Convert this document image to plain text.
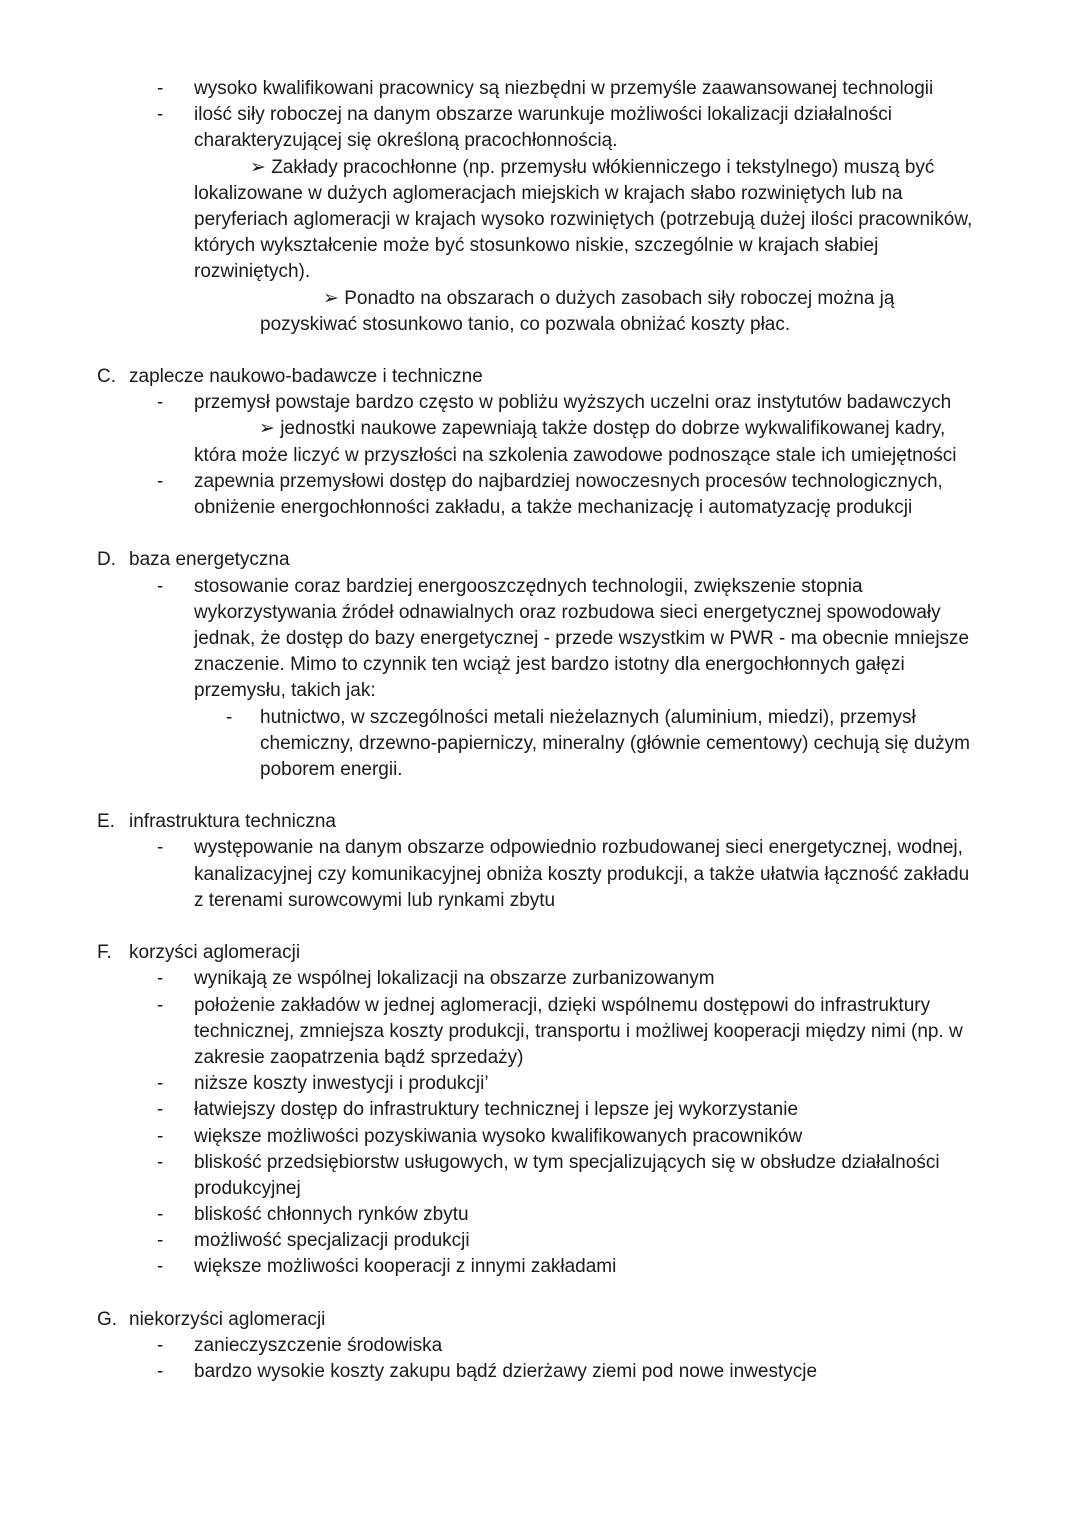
- wysoko kwalifikowani pracownicy są niezbędni w przemyśle zaawansowanej technologii
- ilość siły roboczej na danym obszarze warunkuje możliwości lokalizacji działalności
charakteryzującej się określoną pracochłonnością.
➢ Zakłady pracochłonne (np. przemysłu włókienniczego i tekstylnego) muszą być
lokalizowane w dużych aglomeracjach miejskich w krajach słabo rozwiniętych lub na
peryferiach aglomeracji w krajach wysoko rozwiniętych (potrzebują dużej ilości pracowników,
których wykształcenie może być stosunkowo niskie, szczególnie w krajach słabiej
rozwiniętych).
➢ Ponadto na obszarach o dużych zasobach siły roboczej można ją
pozyskiwać stosunkowo tanio, co pozwala obniżać koszty płac.
C. zaplecze naukowo-badawcze i techniczne
- przemysł powstaje bardzo często w pobliżu wyższych uczelni oraz instytutów badawczych
➢ jednostki naukowe zapewniają także dostęp do dobrze wykwalifikowanej kadry,
która może liczyć w przyszłości na szkolenia zawodowe podnoszące stale ich umiejętności
- zapewnia przemysłowi dostęp do najbardziej nowoczesnych procesów technologicznych,
obniżenie energochłonności zakładu, a także mechanizację i automatyzację produkcji
D. baza energetyczna
- stosowanie coraz bardziej energooszczędnych technologii, zwiększenie stopnia
wykorzystywania źródeł odnawialnych oraz rozbudowa sieci energetycznej spowodowały
jednak, że dostęp do bazy energetycznej - przede wszystkim w PWR - ma obecnie mniejsze
znaczenie. Mimo to czynnik ten wciąż jest bardzo istotny dla energochłonnych gałęzi
przemysłu, takich jak:
- hutnictwo, w szczególności metali nieżelaznych (aluminium, miedzi), przemysł
chemiczny, drzewno-papierniczy, mineralny (głównie cementowy) cechują się dużym
poborem energii.
E. infrastruktura techniczna
- występowanie na danym obszarze odpowiednio rozbudowanej sieci energetycznej, wodnej,
kanalizacyjnej czy komunikacyjnej obniża koszty produkcji, a także ułatwia łączność zakładu
z terenami surowcowymi lub rynkami zbytu
F. korzyści aglomeracji
- wynikają ze wspólnej lokalizacji na obszarze zurbanizowanym
- położenie zakładów w jednej aglomeracji, dzięki wspólnemu dostępowi do infrastruktury
technicznej, zmniejsza koszty produkcji, transportu i możliwej kooperacji między nimi (np. w
zakresie zaopatrzenia bądź sprzedaży)
- niższe koszty inwestycji i produkcji’
- łatwiejszy dostęp do infrastruktury technicznej i lepsze jej wykorzystanie
- większe możliwości pozyskiwania wysoko kwalifikowanych pracowników
- bliskość przedsiębiorstw usługowych, w tym specjalizujących się w obsłudze działalności
produkcyjnej
- bliskość chłonnych rynków zbytu
- możliwość specjalizacji produkcji
- większe możliwości kooperacji z innymi zakładami
G. niekorzyści aglomeracji
- zanieczyszczenie środowiska
- bardzo wysokie koszty zakupu bądź dzierżawy ziemi pod nowe inwestycje
